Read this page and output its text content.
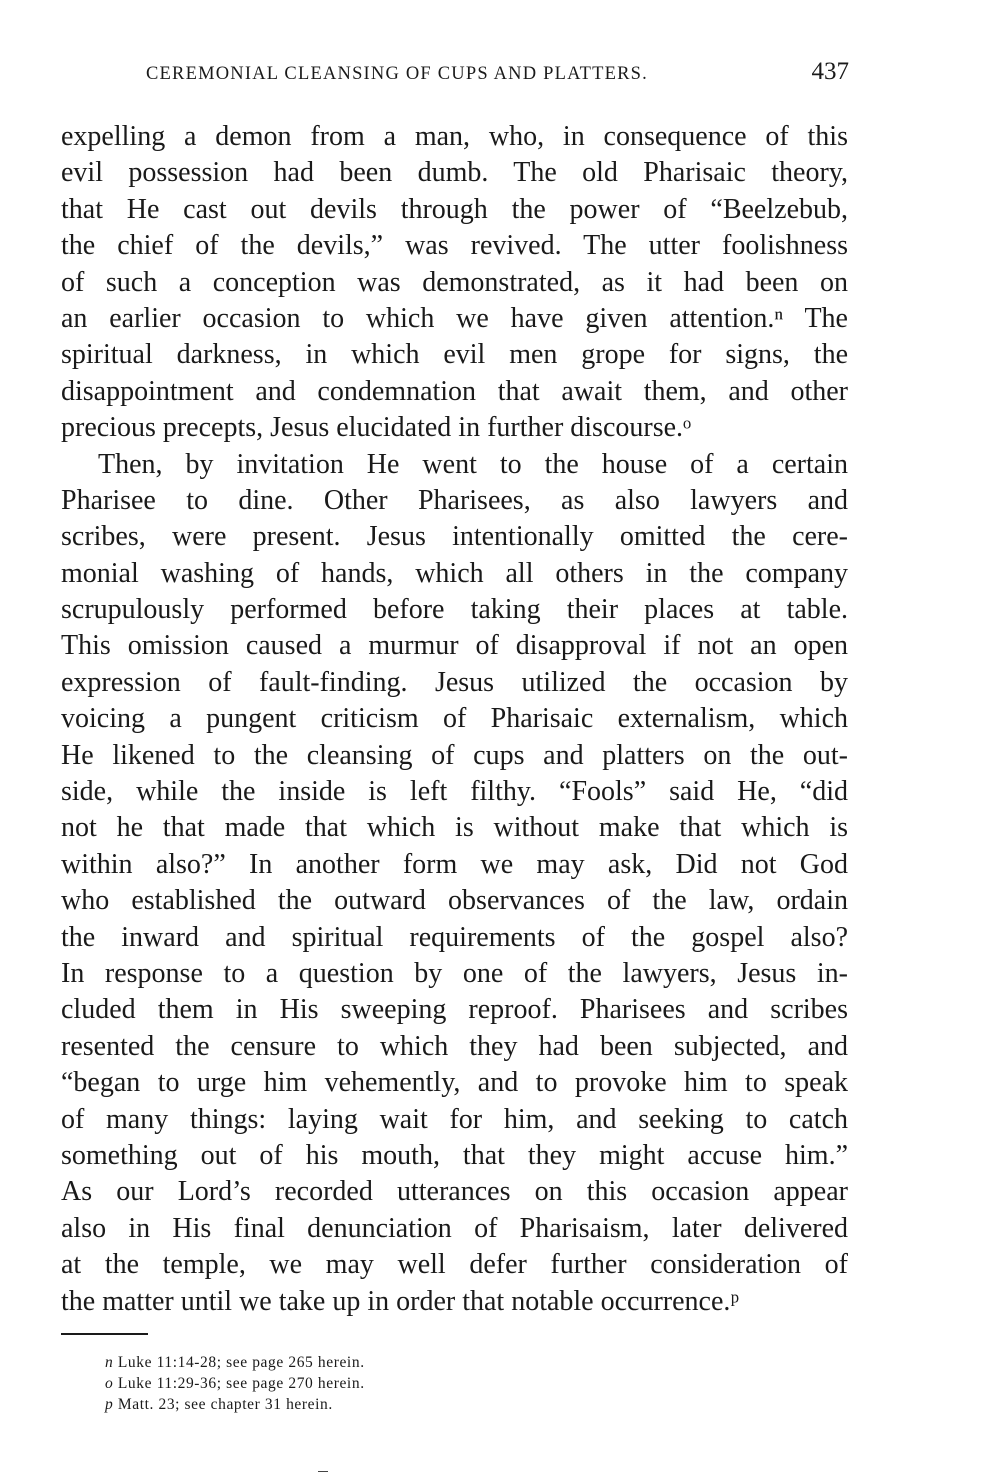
CEREMONIAL CLEANSING OF CUPS AND PLATTERS.	437
expelling a demon from a man, who, in consequence of this
evil possession had been dumb. The old Pharisaic theory,
that He cast out devils through the power of “Beelzebub,
the chief of the devils,” was revived. The utter foolishness
of such a conception was demonstrated, as it had been on
an earlier occasion to which we have given attention.ⁿ The
spiritual darkness, in which evil men grope for signs, the
disappointment and condemnation that await them, and other
precious precepts, Jesus elucidated in further discourse.ᵒ
Then, by invitation He went to the house of a certain
Pharisee to dine. Other Pharisees, as also lawyers and
scribes, were present. Jesus intentionally omitted the cere-
monial washing of hands, which all others in the company
scrupulously performed before taking their places at table.
This omission caused a murmur of disapproval if not an open
expression of fault-finding. Jesus utilized the occasion by
voicing a pungent criticism of Pharisaic externalism, which
He likened to the cleansing of cups and platters on the out-
side, while the inside is left filthy. “Fools” said He, “did
not he that made that which is without make that which is
within also?” In another form we may ask, Did not God
who established the outward observances of the law, ordain
the inward and spiritual requirements of the gospel also?
In response to a question by one of the lawyers, Jesus in-
cluded them in His sweeping reproof. Pharisees and scribes
resented the censure to which they had been subjected, and
“began to urge him vehemently, and to provoke him to speak
of many things: laying wait for him, and seeking to catch
something out of his mouth, that they might accuse him.”
As our Lord’s recorded utterances on this occasion appear
also in His final denunciation of Pharisaism, later delivered
at the temple, we may well defer further consideration of
the matter until we take up in order that notable occurrence.ᵖ
n Luke 11:14-28; see page 265 herein.
o Luke 11:29-36; see page 270 herein.
p Matt. 23; see chapter 31 herein.
